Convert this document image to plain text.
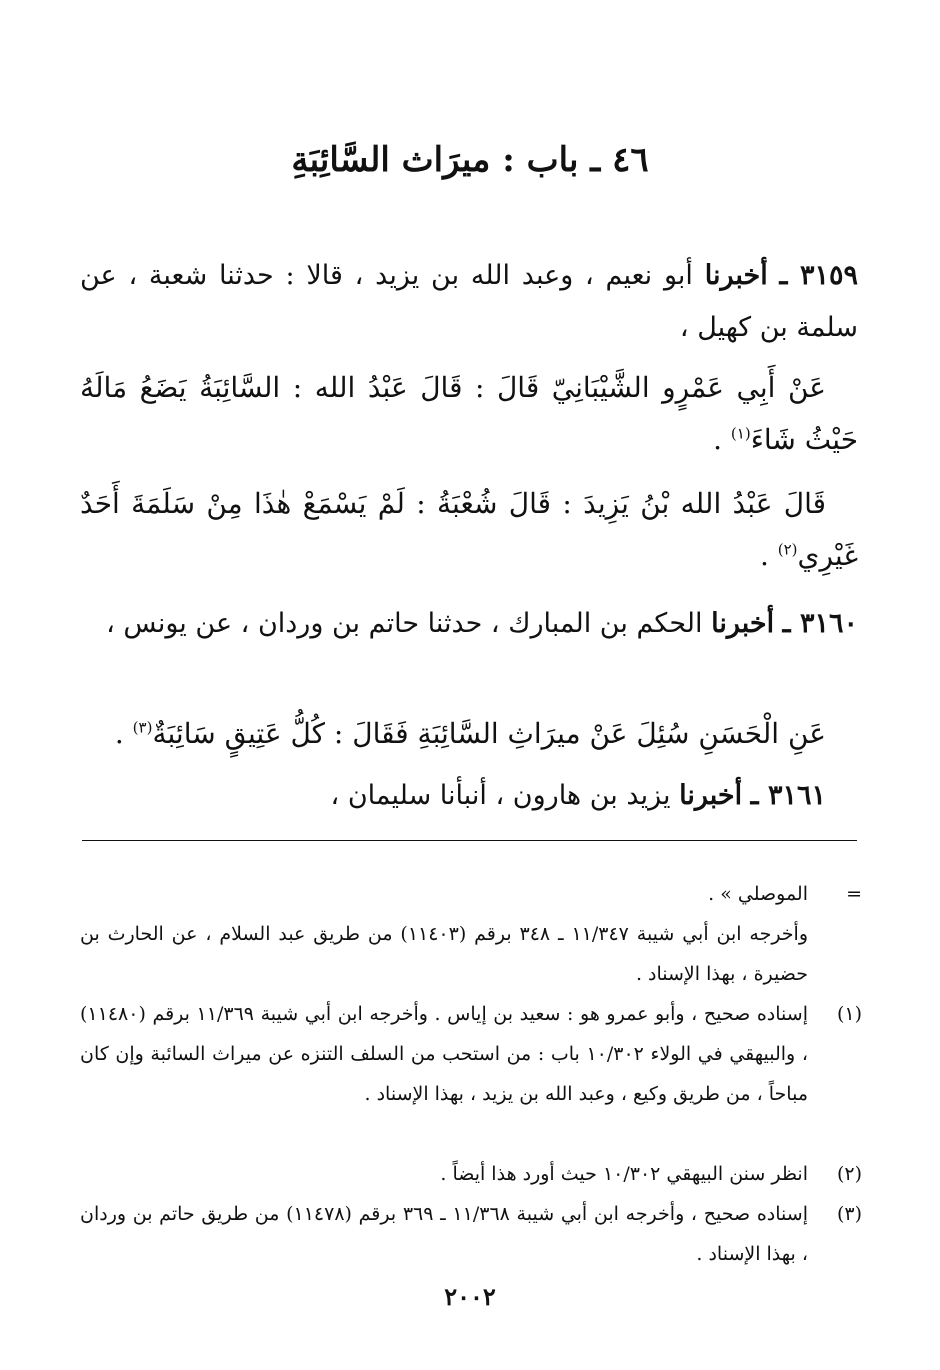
٤٦ ـ باب : ميرَاث السَّائِبَةِ
٣١٥٩ ـ أخبرنا أبو نعيم ، وعبد الله بن يزيد ، قالا : حدثنا شعبة ، عن سلمة بن كهيل ،
عَنْ أَبِي عَمْرٍو الشَّيْبَانِيّ قَالَ : قَالَ عَبْدُ الله : السَّائِبَةُ يَضَعُ مَالَهُ حَيْثُ شَاءَ$^{(١)}$ .
قَالَ عَبْدُ الله بْنُ يَزِيدَ : قَالَ شُعْبَةُ : لَمْ يَسْمَعْ هٰذَا مِنْ سَلَمَةَ أَحَدٌ غَيْرِي$^{(٢)}$ .
٣١٦٠ ـ أخبرنا الحكم بن المبارك ، حدثنا حاتم بن وردان ، عن يونس ،
عَنِ الْحَسَنِ سُئِلَ عَنْ ميرَاثِ السَّائِبَةِ فَقَالَ : كُلُّ عَتِيقٍ سَائِبَةٌ$^{(٣)}$ .
٣١٦١ ـ أخبرنا يزيد بن هارون ، أنبأنا سليمان ،
=
الموصلي » .
وأخرجه ابن أبي شيبة ١١/٣٤٧ ـ ٣٤٨ برقم (١١٤٠٣) من طريق عبد السلام ، عن الحارث بن حضيرة ، بهذا الإسناد .
(١)
إسناده صحيح ، وأبو عمرو هو : سعيد بن إياس . وأخرجه ابن أبي شيبة ١١/٣٦٩ برقم (١١٤٨٠) ، والبيهقي في الولاء ١٠/٣٠٢ باب : من استحب من السلف التنزه عن ميراث السائبة وإن كان مباحاً ، من طريق وكيع ، وعبد الله بن يزيد ، بهذا الإسناد .
(٢)
انظر سنن البيهقي ١٠/٣٠٢ حيث أورد هذا أيضاً .
(٣)
إسناده صحيح ، وأخرجه ابن أبي شيبة ١١/٣٦٨ ـ ٣٦٩ برقم (١١٤٧٨) من طريق حاتم بن وردان ، بهذا الإسناد .
٢٠٠٢
